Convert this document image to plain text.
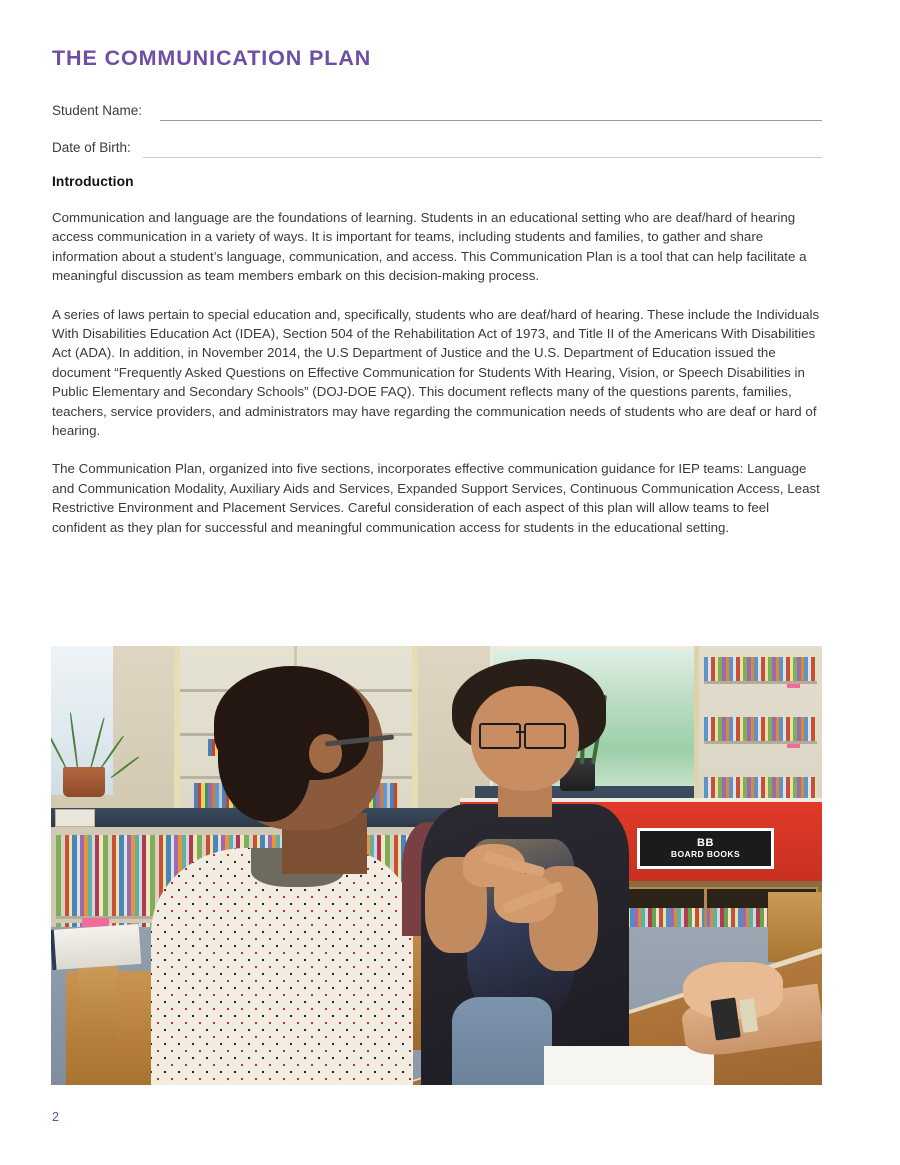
THE COMMUNICATION PLAN
Student Name:
Date of Birth:
Introduction

Communication and language are the foundations of learning. Students in an educational setting who are deaf/hard of hearing access communication in a variety of ways. It is important for teams, including students and families, to gather and share information about a student’s language, communication, and access. This Communication Plan is a tool that can help facilitate a meaningful discussion as team members embark on this decision-making process.

A series of laws pertain to special education and, specifically, students who are deaf/hard of hearing. These include the Individuals With Disabilities Education Act (IDEA), Section 504 of the Rehabilitation Act of 1973, and Title II of the Americans With Disabilities Act (ADA). In addition, in November 2014, the U.S Department of Justice and the U.S. Department of Education issued the document “Frequently Asked Questions on Effective Communication for Students With Hearing, Vision, or Speech Disabilities in Public Elementary and Secondary Schools” (DOJ-DOE FAQ). This document reflects many of the questions parents, families, teachers, service providers, and administrators may have regarding the communication needs of students who are deaf or hard of hearing.

The Communication Plan, organized into five sections, incorporates effective communication guidance for IEP teams: Language and Communication Modality, Auxiliary Aids and Services, Expanded Support Services, Continuous Communication Access, Least Restrictive Environment and Placement Services. Careful consideration of each aspect of this plan will allow teams to feel confident as they plan for successful and meaningful communication access for students in the educational setting.

BB
BOARD BOOKS
2
